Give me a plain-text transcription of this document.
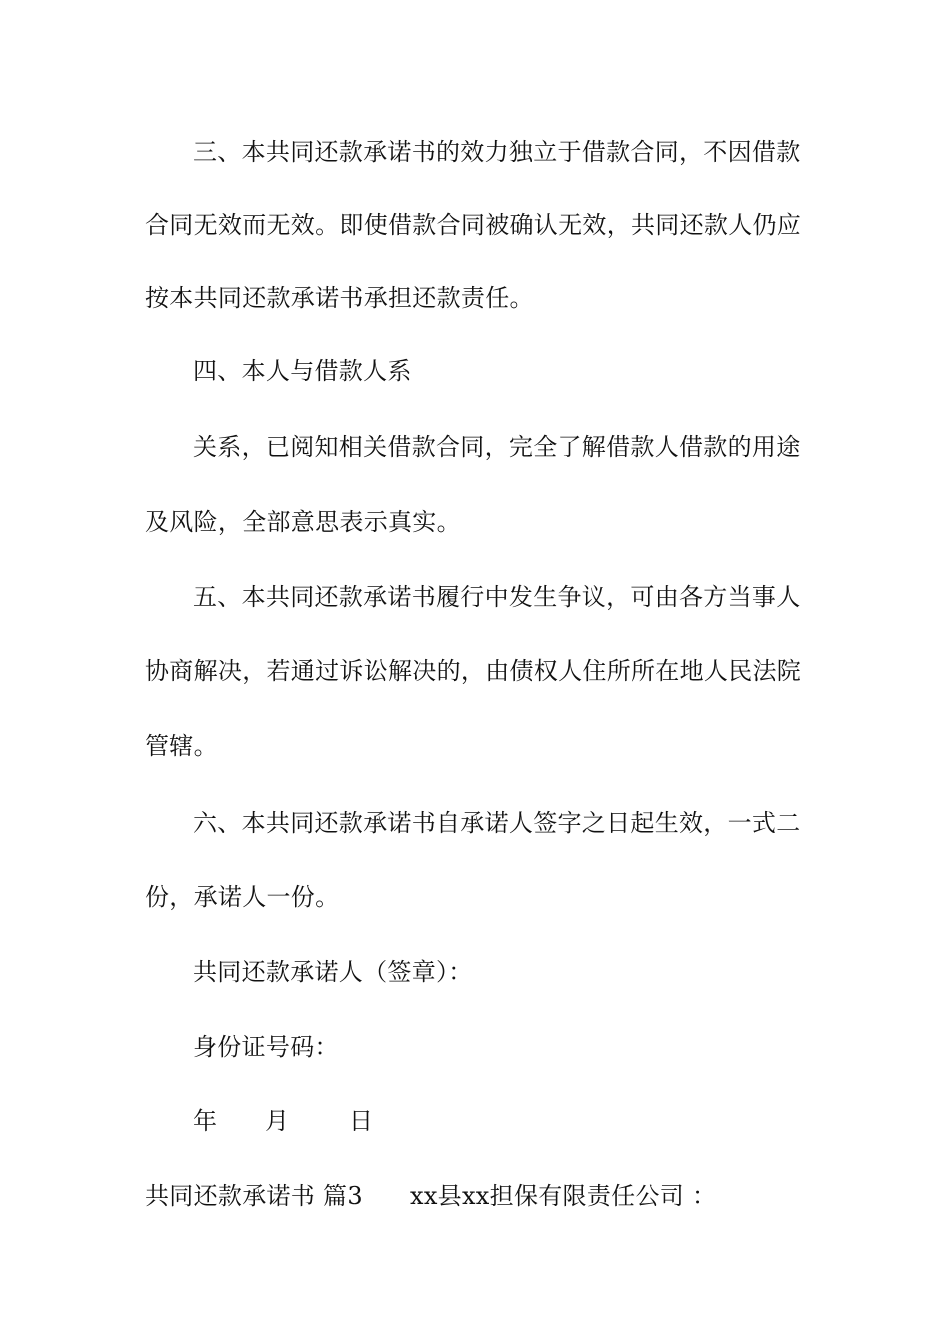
三、本共同还款承诺书的效力独立于借款合同，不因借款
合同无效而无效。即使借款合同被确认无效，共同还款人仍应
按本共同还款承诺书承担还款责任。
四、本人与借款人系
关系，已阅知相关借款合同，完全了解借款人借款的用途
及风险，全部意思表示真实。
五、本共同还款承诺书履行中发生争议，可由各方当事人
协商解决，若通过诉讼解决的，由债权人住所所在地人民法院
管辖。
六、本共同还款承诺书自承诺人签字之日起生效，一式二
份，承诺人一份。
共同还款承诺人（签章）：
身份证号码：
年 月 日
共同还款承诺书 篇3 xx县xx担保有限责任公司 ：
